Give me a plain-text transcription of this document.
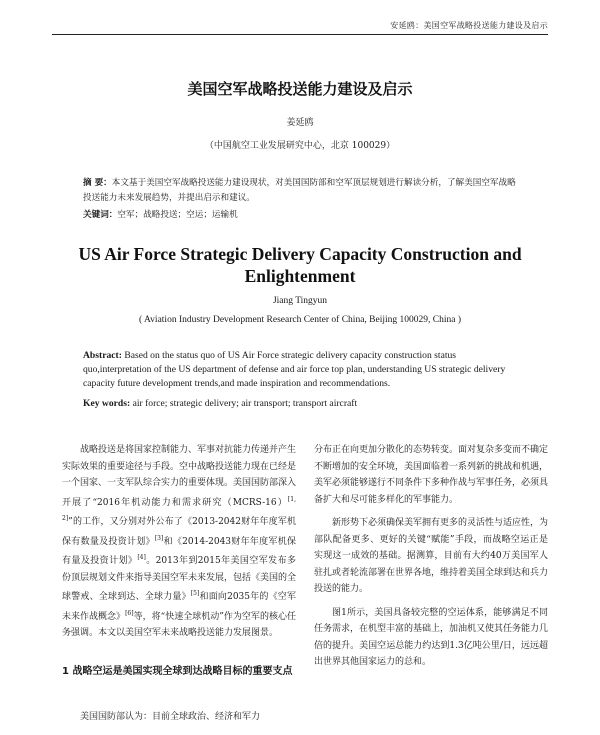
安延鸥：美国空军战略投送能力建设及启示
美国空军战略投送能力建设及启示
姜延鸥
（中国航空工业发展研究中心，北京 100029）
摘 要：本文基于美国空军战略投送能力建设现状，对美国国防部和空军顶层规划进行解读分析，了解美国空军战略投送能力未来发展趋势，并提出启示和建议。
关键词：空军；战略投送；空运；运输机
US Air Force Strategic Delivery Capacity Construction and Enlightenment
Jiang Tingyun
( Aviation Industry Development Research Center of China, Beijing 100029, China )
Abstract: Based on the status quo of US Air Force strategic delivery capacity construction status quo,interpretation of the US department of defense and air force top plan, understanding US strategic delivery capacity future development trends,and made inspiration and recommendations.
Key words: air force; strategic delivery; air transport; transport aircraft

战略投送是将国家控制能力、军事对抗能力传递并产生实际效果的重要途径与手段。空中战略投送能力现在已经是一个国家、一支军队综合实力的重要体现。美国国防部深入开展了“2016年机动能力和需求研究（MCRS-16）[1, 2]”的工作，又分别对外公布了《2013-2042财年年度军机保有数量及投资计划》[3]和《2014-2043财年年度军机保有量及投资计划》[4]。2013年到2015年美国空军发布多份顶层规划文件来指导美国空军未来发展，包括《美国的全球警戒、全球到达、全球力量》[5]和面向2035年的《空军未来作战概念》[6]等，将“快速全球机动”作为空军的核心任务强调。本文以美国空军未来战略投送能力发展图景。

1 战略空运是美国实现全球到达战略目标的重要支点
美国国防部认为：目前全球政治、经济和军力

分布正在向更加分散化的态势转变。面对复杂多变而不确定不断增加的安全环境，美国面临着一系列新的挑战和机遇，美军必须能够遂行不同条件下多种作战与军事任务，必须具备扩大和尽可能多样化的军事能力。

新形势下必须确保美军拥有更多的灵活性与适应性，为部队配备更多、更好的关键“赋能”手段，而战略空运正是实现这一成效的基础。据测算，目前有大约40万美国军人驻扎或者轮流部署在世界各地，维持着美国全球到达和兵力投送的能力。

图1所示，美国具备较完整的空运体系，能够满足不同任务需求，在机型丰富的基础上，加油机又使其任务能力几倍的提升。美国空运总能力约达到1.3亿吨公里/日，远远超出世界其他国家运力的总和。
